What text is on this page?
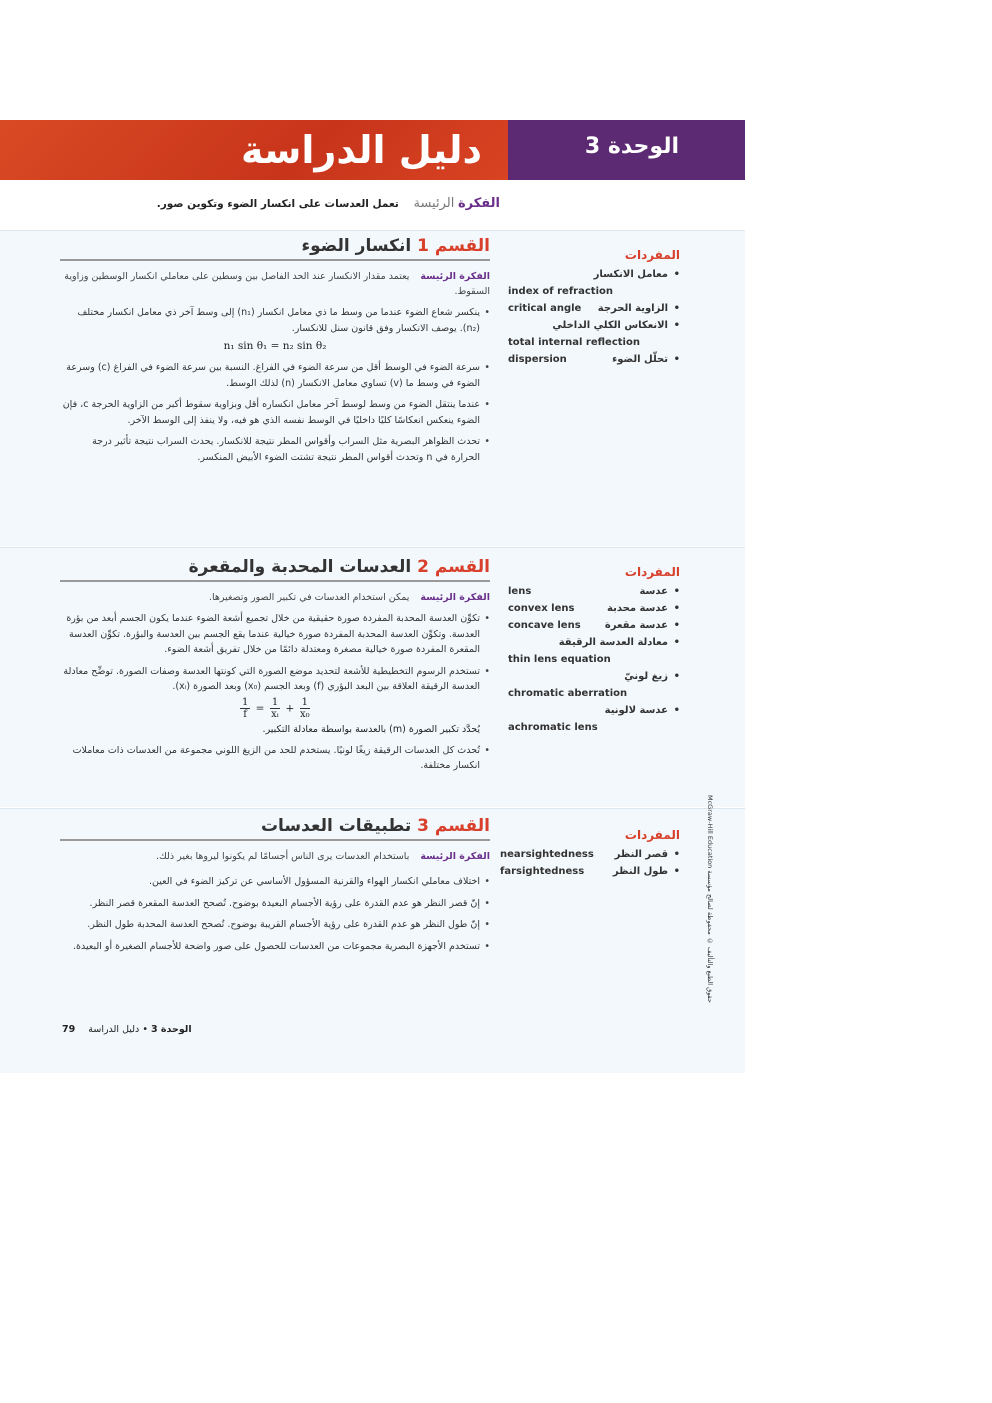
دليل الدراسة	الوحدة 3
الفكرة الرئيسة    تعمل العدسات على انكسار الضوء وتكوين صور.
القسم 1 انكسار الضوء
الفكرة الرئيسة يعتمد مقدار الانكسار عند الحد الفاصل بين وسطين على معاملي انكسار الوسطين وزاوية السقوط.
• ينكسر شعاع الضوء عندما من وسط ما ذي معامل انكسار (n₁) إلى وسط آخر ذي معامل انكسار مختلف (n₂). يوصف الانكسار وفق قانون سنل للانكسار.
n₁ sin θ₁ = n₂ sin θ₂
• سرعة الضوء في الوسط أقل من سرعة الضوء في الفراغ. النسبة بين سرعة الضوء في الفراغ (c) وسرعة الضوء في وسط ما (v) تساوي معامل الانكسار (n) لذلك الوسط.
• عندما ينتقل الضوء من وسط لوسط آخر معامل انكساره أقل وبزاوية سقوط أكبر من الزاوية الحرجة c، فإن الضوء ينعكس انعكاسًا كليًا داخليًا في الوسط نفسه الذي هو فيه، ولا ينفذ إلى الوسط الآخر.
• تحدث الظواهر البصرية مثل السراب وأقواس المطر نتيجة للانكسار. يحدث السراب نتيجة تأثير درجة الحرارة في n وتحدث أقواس المطر نتيجة تشتت الضوء الأبيض المنكسر.
المفردات
• معامل الانكسار
index of refraction
critical angle • الزاوية الحرجة
• الانعكاس الكلي الداخلي
total internal reflection
dispersion	• تحلّل الضوء
القسم 2 العدسات المحدبة والمقعرة
الفكرة الرئيسة يمكن استخدام العدسات في تكبير الصور وتصغيرها.
• تكوِّن العدسة المحدبة المفردة صورة حقيقية من خلال تجميع أشعة الضوء عندما يكون الجسم أبعد من بؤرة العدسة. وتكوِّن العدسة المحدبة المفردة صورة خيالية عندما يقع الجسم بين العدسة والبؤرة. تكوِّن العدسة المقعرة المفردة صورة خيالية مصغرة ومعتدلة دائمًا من خلال تفريق أشعة الضوء.
• تستخدم الرسوم التخطيطية للأشعة لتحديد موضع الصورة التي كونتها العدسة وصفات الصورة. توضِّح معادلة العدسة الرقيقة العلاقة بين البعد البؤري (f) وبعد الجسم (x₀) وبعد الصورة (xᵢ).
$\frac{1}{f} = \frac{1}{\text{xᵢ}} + \frac{1}{\text{x₀}}$
يُحدَّد تكبير الصورة (m) بالعدسة بواسطة معادلة التكبير.
• تُحدث كل العدسات الرقيقة زيغًا لونيًا. يستخدم للحد من الزيغ اللوني مجموعة من العدسات ذات معاملات انكسار مختلفة.
المفردات
lens	• عدسة
convex lens	• عدسة محدبة
concave lens • عدسة مقعرة
• معادلة العدسة الرقيقة
thin lens equation
• زيغ لونيّ
chromatic aberration
• عدسة لالونية
achromatic lens
القسم 3 تطبيقات العدسات
الفكرة الرئيسة باستخدام العدسات يرى الناس أجسامًا لم يكونوا ليروها بغير ذلك.
• اختلاف معاملي انكسار الهواء والقرنية المسؤول الأساسي عن تركيز الضوء في العين.
• إنّ قصر النظر هو عدم القدرة على رؤية الأجسام البعيدة بوضوح. تُصحح العدسة المقعرة قصر النظر.
• إنّ طول النظر هو عدم القدرة على رؤية الأجسام القريبة بوضوح. تُصحح العدسة المحدبة طول النظر.
• تستخدم الأجهزة البصرية مجموعات من العدسات للحصول على صور واضحة للأجسام الصغيرة أو البعيدة.
المفردات
nearsightedness • قصر النظر
farsightedness	• طول النظر
McGraw-Hill Education حقوق الطبع والتأليف © محفوظة لصالح مؤسسة
الوحدة 3 • دليل الدراسة 79
